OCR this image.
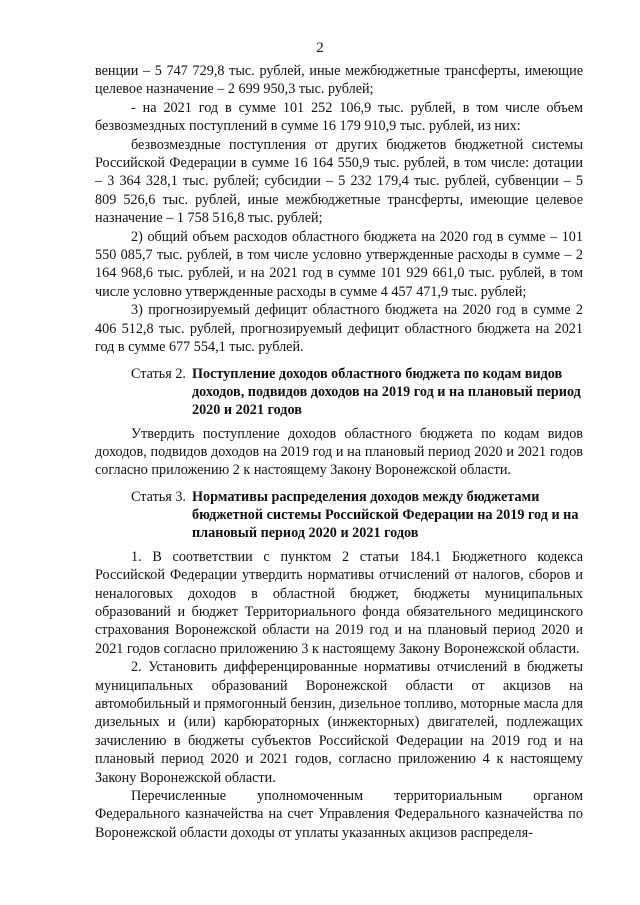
2

венции – 5 747 729,8 тыс. рублей, иные межбюджетные трансферты, имеющие целевое назначение – 2 699 950,3 тыс. рублей;

- на 2021 год в сумме 101 252 106,9 тыс. рублей, в том числе объем безвозмездных поступлений в сумме 16 179 910,9 тыс. рублей, из них:

безвозмездные поступления от других бюджетов бюджетной системы Российской Федерации в сумме 16 164 550,9 тыс. рублей, в том числе: дотации – 3 364 328,1 тыс. рублей; субсидии – 5 232 179,4 тыс. рублей, субвенции – 5 809 526,6 тыс. рублей, иные межбюджетные трансферты, имеющие целевое назначение – 1 758 516,8 тыс. рублей;

2) общий объем расходов областного бюджета на 2020 год в сумме – 101 550 085,7 тыс. рублей, в том числе условно утвержденные расходы в сумме – 2 164 968,6 тыс. рублей, и на 2021 год в сумме 101 929 661,0 тыс. рублей, в том числе условно утвержденные расходы в сумме 4 457 471,9 тыс. рублей;

3) прогнозируемый дефицит областного бюджета на 2020 год в сумме 2 406 512,8 тыс. рублей, прогнозируемый дефицит областного бюджета на 2021 год в сумме 677 554,1 тыс. рублей.

Статья 2. Поступление доходов областного бюджета по кодам видов доходов, подвидов доходов на 2019 год и на плановый период 2020 и 2021 годов

Утвердить поступление доходов областного бюджета по кодам видов доходов, подвидов доходов на 2019 год и на плановый период 2020 и 2021 годов согласно приложению 2 к настоящему Закону Воронежской области.

Статья 3. Нормативы распределения доходов между бюджетами бюджетной системы Российской Федерации на 2019 год и на плановый период 2020 и 2021 годов

1. В соответствии с пунктом 2 статьи 184.1 Бюджетного кодекса Российской Федерации утвердить нормативы отчислений от налогов, сборов и неналоговых доходов в областной бюджет, бюджеты муниципальных образований и бюджет Территориального фонда обязательного медицинского страхования Воронежской области на 2019 год и на плановый период 2020 и 2021 годов согласно приложению 3 к настоящему Закону Воронежской области.

2. Установить дифференцированные нормативы отчислений в бюджеты муниципальных образований Воронежской области от акцизов на автомобильный и прямогонный бензин, дизельное топливо, моторные масла для дизельных и (или) карбюраторных (инжекторных) двигателей, подлежащих зачислению в бюджеты субъектов Российской Федерации на 2019 год и на плановый период 2020 и 2021 годов, согласно приложению 4 к настоящему Закону Воронежской области.

Перечисленные уполномоченным территориальным органом Федерального казначейства на счет Управления Федерального казначейства по Воронежской области доходы от уплаты указанных акцизов распределя-
